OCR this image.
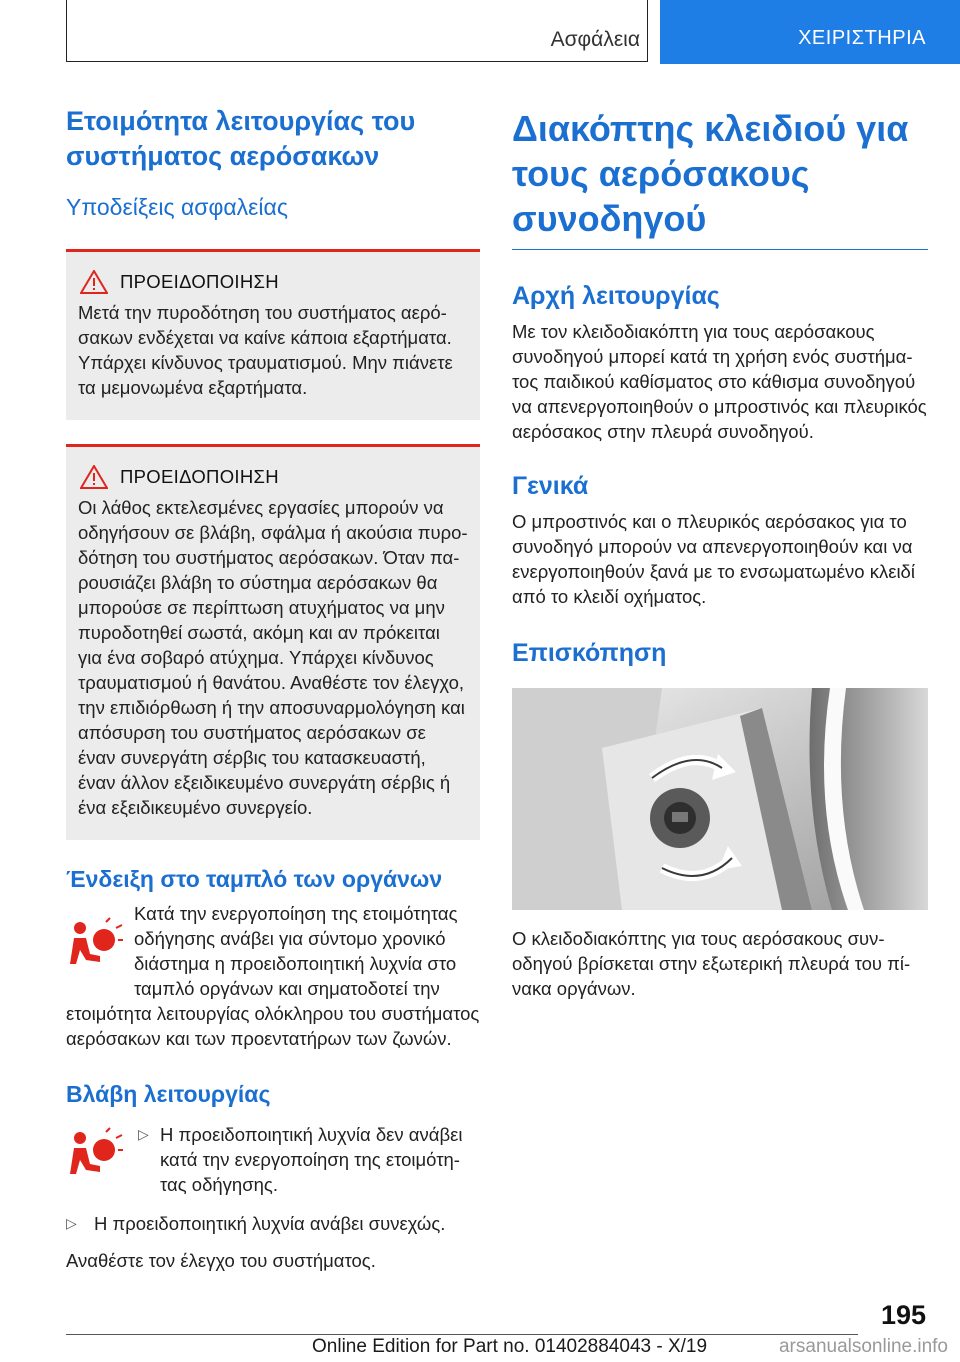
Ασφάλεια	ΧΕΙΡΙΣΤΗΡΙΑ
Ετοιμότητα λειτουργίας του συστήματος αερόσακων
Υποδείξεις ασφαλείας
ΠΡΟΕΙΔΟΠΟΙΗΣΗ

Μετά την πυροδότηση του συστήματος αερόσακων ενδέχεται να καίνε κάποια εξαρτήματα. Υπάρχει κίνδυνος τραυματισμού. Μην πιάνετε τα μεμονωμένα εξαρτήματα.

ΠΡΟΕΙΔΟΠΟΙΗΣΗ

Οι λάθος εκτελεσμένες εργασίες μπορούν να οδηγήσουν σε βλάβη, σφάλμα ή ακούσια πυροδότηση του συστήματος αερόσακων. Όταν παρουσιάζει βλάβη το σύστημα αερόσακων θα μπορούσε σε περίπτωση ατυχήματος να μην πυροδοτηθεί σωστά, ακόμη και αν πρόκειται για ένα σοβαρό ατύχημα. Υπάρχει κίνδυνος τραυματισμού ή θανάτου. Αναθέστε τον έλεγχο, την επιδιόρθωση ή την αποσυναρμολόγηση και απόσυρση του συστήματος αερόσακων σε έναν συνεργάτη σέρβις του κατασκευαστή, έναν άλλον εξειδικευμένο συνεργάτη σέρβις ή ένα εξειδικευμένο συνεργείο.

Ένδειξη στο ταμπλό των οργάνων

Κατά την ενεργοποίηση της ετοιμότητας οδήγησης ανάβει για σύντομο χρονικό διάστημα η προειδοποιητική λυχνία στο ταμπλό οργάνων και σηματοδοτεί την ετοιμότητα λειτουργίας ολόκληρου του συστήματος αερόσακων και των προεντατήρων των ζωνών.

Βλάβη λειτουργίας
▷ Η προειδοποιητική λυχνία δεν ανάβει κατά την ενεργοποίηση της ετοιμότητας οδήγησης.

▷ Η προειδοποιητική λυχνία ανάβει συνεχώς.

Αναθέστε τον έλεγχο του συστήματος.

Διακόπτης κλειδιού για τους αερόσακους συνοδηγού
Αρχή λειτουργίας

Με τον κλειδοδιακόπτη για τους αερόσακους συνοδηγού μπορεί κατά τη χρήση ενός συστήματος παιδικού καθίσματος στο κάθισμα συνοδηγού να απενεργοποιηθούν ο μπροστινός και πλευρικός αερόσακος στην πλευρά συνοδηγού.

Γενικά

Ο μπροστινός και ο πλευρικός αερόσακος για το συνοδηγό μπορούν να απενεργοποιηθούν και να ενεργοποιηθούν ξανά με το ενσωματωμένο κλειδί από το κλειδί οχήματος.

Επισκόπηση

Ο κλειδοδιακόπτης για τους αερόσακους συνοδηγού βρίσκεται στην εξωτερική πλευρά του πίνακα οργάνων.

195
Online Edition for Part no. 01402884043 - X/19	arsanualsonline.info
